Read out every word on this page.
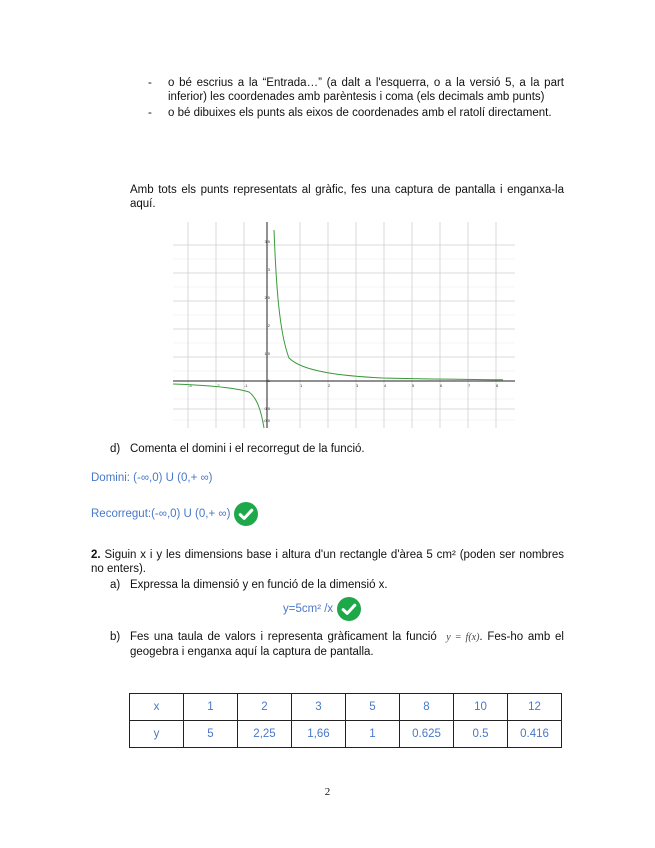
-	o bé escrius a la “Entrada…” (a dalt a l'esquerra, o a la versió 5, a la part inferior) les coordenades amb parèntesis i coma (els decimals amb punts)
-	o bé dibuixes els punts als eixos de coordenades amb el ratolí directament.
Amb tots els punts representats al gràfic, fes una captura de pantalla i enganxa-la aquí.
-3	-2	-1	1	2	3	4	5	6	7	8
3.5
3
2.5
2
1.5
1
0.5
-0.5
d) Comenta el domini i el recorregut de la funció.
Domini: (-∞,0) U (0,+ ∞)
Recorregut:(-∞,0) U (0,+ ∞)
2. Siguin x i y les dimensions base i altura d'un rectangle d'àrea 5 cm² (poden ser nombres no enters).
a) Expressa la dimensió y en funció de la dimensió x.
y=5cm² /x
b) Fes una taula de valors i representa gràficament la funció y = f(x). Fes-ho amb el geogebra i enganxa aquí la captura de pantalla.
x	1	2	3	5	8	10	12
y	5	2,25	1,66	1	0.625	0.5	0.416
2
